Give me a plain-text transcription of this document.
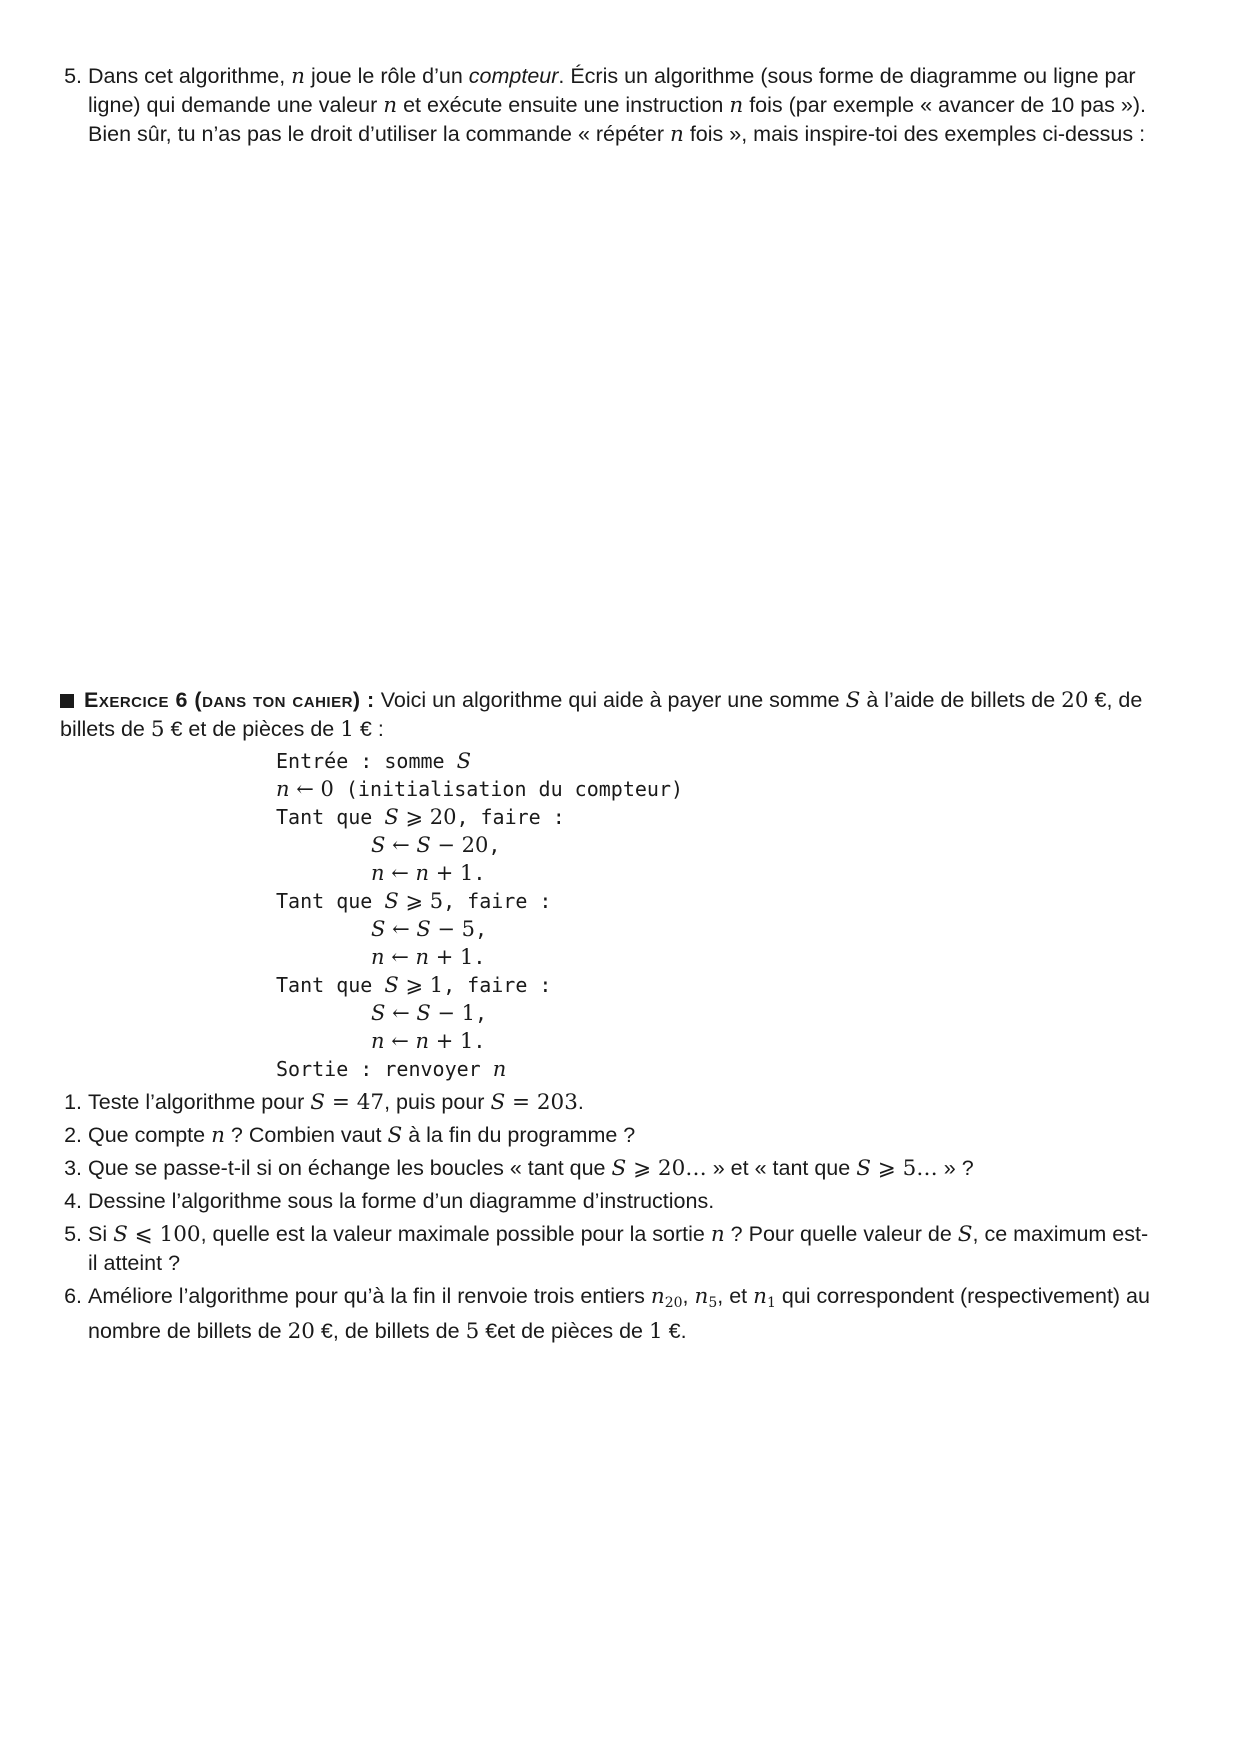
5. Dans cet algorithme, n joue le rôle d’un compteur. Écris un algorithme (sous forme de diagramme ou ligne par ligne) qui demande une valeur n et exécute ensuite une instruction n fois (par exemple « avancer de 10 pas »). Bien sûr, tu n’as pas le droit d’utiliser la commande « répéter n fois », mais inspire-toi des exemples ci-dessus :
Exercice 6 (dans ton cahier) : Voici un algorithme qui aide à payer une somme S à l’aide de billets de 20 €, de billets de 5 € et de pièces de 1 € :
Entrée : somme S
n ← 0 (initialisation du compteur)
Tant que S ⩾ 20, faire :
S ← S − 20,
n ← n + 1.
Tant que S ⩾ 5, faire :
S ← S − 5,
n ← n + 1.
Tant que S ⩾ 1, faire :
S ← S − 1,
n ← n + 1.
Sortie : renvoyer n
1. Teste l’algorithme pour S = 47, puis pour S = 203.
2. Que compte n ? Combien vaut S à la fin du programme ?
3. Que se passe-t-il si on échange les boucles « tant que S ⩾ 20… » et « tant que S ⩾ 5… » ?
4. Dessine l’algorithme sous la forme d’un diagramme d’instructions.
5. Si S ⩽ 100, quelle est la valeur maximale possible pour la sortie n ? Pour quelle valeur de S, ce maximum est-il atteint ?
6. Améliore l’algorithme pour qu’à la fin il renvoie trois entiers $n_{20}$, $n_5$, et $n_1$ qui correspondent (respectivement) au nombre de billets de 20 €, de billets de 5 €et de pièces de 1 €.
